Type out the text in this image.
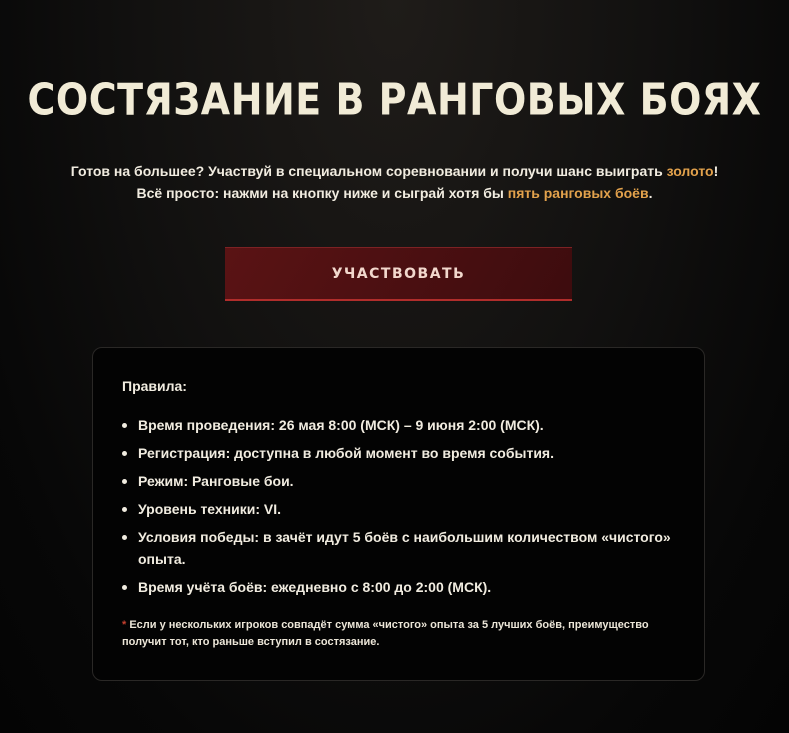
СОСТЯЗАНИЕ В РАНГОВЫХ БОЯХ
Готов на большее? Участвуй в специальном соревновании и получи шанс выиграть золото!
Всё просто: нажми на кнопку ниже и сыграй хотя бы пять ранговых боёв.
УЧАСТВОВАТЬ
Правила:
Время проведения: 26 мая 8:00 (МСК) – 9 июня 2:00 (МСК).
Регистрация: доступна в любой момент во время события.
Режим: Ранговые бои.
Уровень техники: VI.
Условия победы: в зачёт идут 5 боёв с наибольшим количеством «чистого» опыта.
Время учёта боёв: ежедневно с 8:00 до 2:00 (МСК).
* Если у нескольких игроков совпадёт сумма «чистого» опыта за 5 лучших боёв, преимущество получит тот, кто раньше вступил в состязание.
